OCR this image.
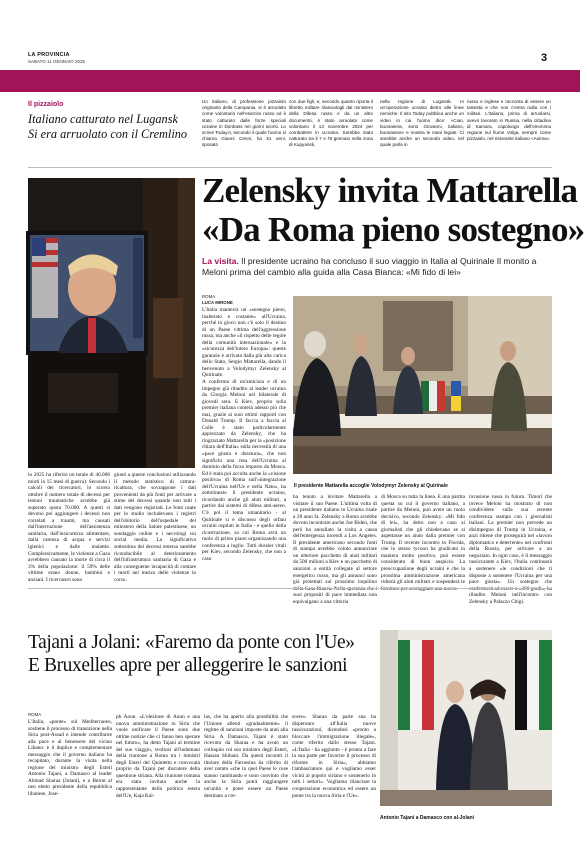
LA PROVINCIA
SABATO 11 GENNAIO 2025	3
Il pizzaiolo
Italiano catturato nel Lugansk
Si era arruolato con il Cremlino
Un italiano, di professione pizzaiolo originario della Campania, si è arruolato come volontario nell'esercito russo ed è stato catturato dalle forze speciali ucraine in Donbass nei giorni scorsi. Lo scrive Today.it, secondo il quale l'uomo si chiama Gianni Cenni, ha 51 anni, sposato
con due figli, e, secondo quanto riporta il libretto militare rilasciatogli dal ministero della Difesa russo e da un altro documento, è stato arruolato come volontario il 13 novembre 2024 per combattere in Ucraina. Sarebbe stato catturato tra il 7 e l'8 gennaio nella zona di Kupyansk,
nella regione di Lugansk. In un'operazione ucraina dietro alle linee nemiche. Il sito Today pubblica anche un video in cui l'uomo dice: «Ciao, buonasera, sono Giovanni, italiano, buonasera» e mostra le mani legate. Ci sarebbe anche un secondo video, nel quale parla in
russo e inglese e racconta di essere un tassista e che non c'entra nulla con i militari. L'italiano, prima di arruolarsi, avevo lavorato in Russia, nella cittadina di Samara, capoluogo dell'omonima regione sul fiume Volga, sempre come pizzaiolo, nel ristorante italiano «Anima».
Zelensky invita Mattarella
«Da Roma pieno sostegno»
La visita. Il presidente ucraino ha concluso il suo viaggio in Italia al Quirinale Il monito a Meloni prima del cambio alla guida alla Casa Bianca: «Mi fido di lei»
ROMA
LUCA MIRONE
L'Italia manterrà un «sostegno pieno, inalterato e costante» all'Ucraina, perché in gioco non c'è solo il destino di un Paese vittima dell'aggressione russa, ma anche «il rispetto delle regole della comunità internazionale» e la «sicurezza dell'intero Europa»: queste garanzie è arrivata dalla più alta carica dello Stato, Sergio Mattarella, dando il benvenuto a Volodymyr Zelensky al Quirinale.
A conferma di un'amicizia e di un impegno già ribadito al leader ucraino da Giorgia Meloni nel bilaterale di giovedì sera. E Kiev, proprio sulla premier italiana conterà adesso più che mai, grazie ai suoi ottimi rapporti con Donald Trump. Il faccia a faccia al Colle è stato particolarmente apprezzato da Zelensky, che ha ringraziato Mattarella per la «posizione chiara dell'Italia» sulla necessità di una «pace giusta e duratura», che non significhi una resa dell'Ucraina al dominio della forza imposto da Mosca. Ed è stata poi accolta anche la «visione positiva» di Roma sull'«integrazione dell'Ucraina nell'Ue e nella Nato», ha sottolineato il presidente ucraino, ricordando anche gli aiuti militari, a partire dai sistemi di difesa anti-aereo. C'è poi il tema umanitario - al Quirinale si è discusso degli orfani ucraini ospitati in Italia - e quello della ricostruzione, su cui Roma avrà un ruolo di primo piano organizzando una conferenza a luglio. Tutti dossier vitali per Kiev, secondo Zelensky, che non a caso
Il presidente Mattarella accoglie Volodymyr Zelensky al Quirinale
ha tenuto a invitare Mattarella a visitare il suo Paese. L'ultima volta di un presidente italiano in Ucraina risale a 28 anni fa. Zelensky a Roma avrebbe dovuto incontrare anche Joe Biden, che però ha annullato la visita a causa dell'emergenza incendi a Los Angeles. Il presidente americano secondo fonti di stampa avrebbe voluto annunciare un ulteriore pacchetto di aiuti militari da 500 milioni a Kiev e un pacchetto di sanzioni a entità collegate al settore energetico russo, ma gli annunci sono già proiettati sul prossimo inquilino suoi propositi di pace immediata non equivalgano a una vittoria
di Mosca su tutta la linea. E una partita questa su cui il governo italiano, a partire da Meloni, può avere un ruolo decisivo, secondo Zelensky: «Mi fido di lei», ha detto non a caso ai giornalisti che gli chiedevano se si aspettasse un aiuto dalla premier con Trump. Il recente incontro in Florida, che lo stesso tycoon ha giudicato in maniera molto positivo, può essere considerato di buon auspicio. La preoccupazione degli ucraini è che la prossima amministrazione americana ridurrà gli aiuti militari e sospenderà le
invasione russa in futuro. Timori che invece Meloni ha mostrato di non condividere sulla sua recente conferenza stampa con i giornalisti italiani. La premier non prevede un disimpegno di Trump in Ucraina, e anzi ritiene che proseguirà nel «lavoro diplomatico e deterrente» nei confronti della Russia, per arrivare a un negoziato. In ogni caso, è il messaggio rassicurante a Kiev, l'Italia continuerà a sostenere «le condizioni che ti disposte a sostenere l'Ucraina per una pace giusta». Un sostegno che ribadito Meloni nell'incontro con Zelensky a Palazzo Chigi.
io 2025 ha riferito un totale di 46.006 morti in 15 mesi di guerra). Secondo i calcoli dei ricercatori, lo scorso ottobre il numero totale di decessi per lesioni traumatiche avrebbe già superato quota 70.000. A questi si devono poi aggiungere i decessi non correlati a traumi, ma causati dall'interruzione dell'assistenza sanitaria, dall'insicurezza alimentare, dalla carenza di acqua e servizi igienici e dalle malattie. Complessivamente, le violenze a Gaza avrebbero causato la morte di circa il 3% della popolazione: il 59% delle vittime erano donne, bambini e anziani. I ricercatori sono
giunti a queste conclusioni utilizzando il metodo statistico di cattura-ricattura, che sovrappone i dati provenienti da più fonti per arrivare a stime dei decessi quando non tutti i dati vengono registrati. Le fonti usate per lo studio includevano i registri dell'obitorio dell'ospedale del ministero della Salute palestinese, un sondaggio online e i necrologi sui social media. La significativa sottostima dei decessi emersa sarebbe riconducibile al deterioramento dell'infrastruttura sanitaria di Gaza e alla conseguente incapacità di contare i morti nel mezzo delle violenze in corso.
Tajani a Jolani: «Faremo da ponte con l'Ue»
E Bruxelles apre per alleggerire le sanzioni
ROMA
L'Italia, «ponte» sul Mediterraneo, sostiene il processo di transizione nella Siria post-Assad e intende contribuire alla pace e al benessere del vicino Libano: è il duplice e complementare messaggio che il governo italiano ha recapitato, durante la visita nella regione del ministro degli Esteri Antonio Tajani, a Damasco al leader Ahmad Sharaa (Jolani), e a Beirut al neo eletto presidente della repubblica libanese, Jose-
ph Aoun. «L'elezione di Aoun e una nuova amministrazione in Siria che vuole unificare il Paese sono due ottime notizie che ci fanno ben sperare nel futuro», ha detto Tajani al termine del suo viaggio, svoltosi all'indomani della riunione a Roma tra i ministri degli Esteri del Quintetto e convocata proprio da Tajani per discutere della questione siriana. Alla riunione romana era stata invitata anche la rappresentante della politica estera dell'Ue, Kaja Kal-
las, che ha aperto alla possibilità che l'Unione allenti «gradualmente» il regime di sanzioni imposte da anni alla Siria. A Damasco, Tajani è stato ricevuto da Sharaa e ha avuto un colloquio col suo ministro degli Esteri, Hassan Shibani. Da questi incontri il titolare della Farnesina ha riferito di aver notato «che in quel Paese le cose stanno cambiando e sono convinto che anche la Siria potrà raggiungere un'unità e poter essere un Paese destinato a cre-
scere». Sharaa da parte sua ha dispensato all'Italia nuove rassicurazioni, dicendosi «pronto a bloccare l'immigrazione illegale», come riferito dallo stesso Tajani. «L'Italia - ha aggiunto - è pronta a fare la sua parte per favorire il processo di riforme in Siria», abbiamo l'ambasciatore qui e vogliamo esser vicini al popolo siriano e sostenerlo in tutti i settori». Vogliamo rilanciare la cooperazione economica ed essere un ponte tra la nuova Siria e l'Ue».
Antonio Tajani a Damasco con al-Jolani
